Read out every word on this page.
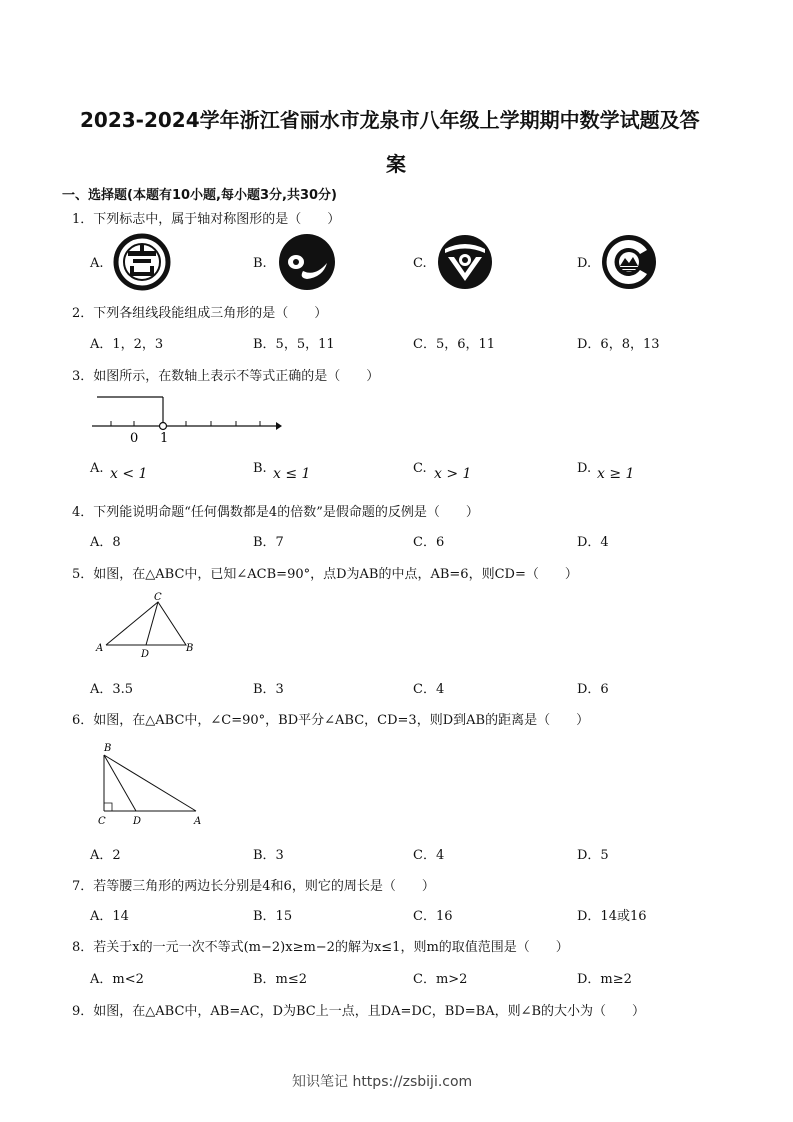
2023-2024学年浙江省丽水市龙泉市八年级上学期期中数学试题及答
案
一、选择题(本题有10小题,每小题3分,共30分)
1．下列标志中，属于轴对称图形的是（　　）
A.	B.	C.	D.
2．下列各组线段能组成三角形的是（　　）
A．1，2，3	B．5，5，11	C．5，6，11	D．6，8，13
3．如图所示，在数轴上表示不等式正确的是（　　）
0 1
A. x < 1	B. x ≤ 1	C. x > 1	D. x ≥ 1
4．下列能说明命题“任何偶数都是4的倍数”是假命题的反例是（　　）
A．8	B．7	C．6	D．4
5．如图，在△ABC中，已知∠ACB=90°，点D为AB的中点，AB=6，则CD=（　　）
C
A
D
B
A．3.5	B．3	C．4	D．6
6．如图，在△ABC中，∠C=90°，BD平分∠ABC，CD=3，则D到AB的距离是（　　）
B
C	D	A
A．2	B．3	C．4	D．5
7．若等腰三角形的两边长分别是4和6，则它的周长是（　　）
A．14	B．15	C．16	D．14或16
8．若关于x的一元一次不等式(m−2)x≥m−2的解为x≤1，则m的取值范围是（　　）
A．m<2	B．m≤2	C．m>2	D．m≥2
9．如图，在△ABC中，AB=AC，D为BC上一点，且DA=DC，BD=BA，则∠B的大小为（　　）
知识笔记 https://zsbiji.com
